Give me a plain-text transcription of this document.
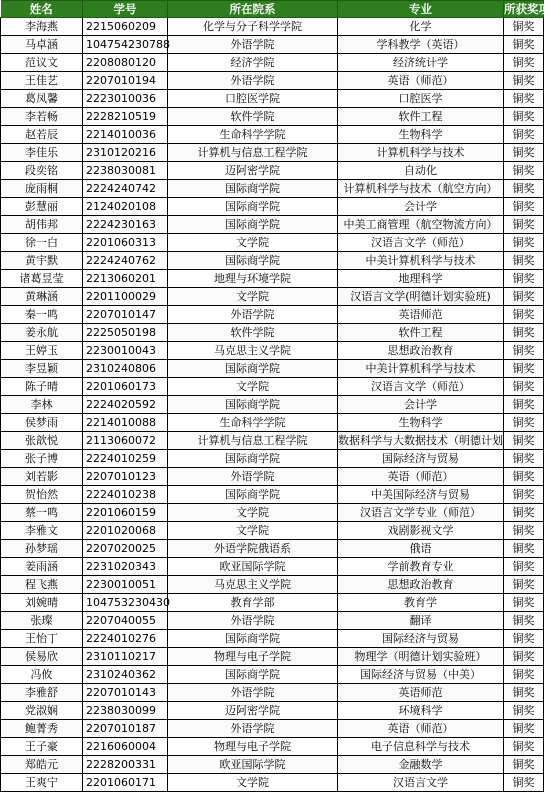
姓名	学号	所在院系	专业	所获奖项
李海燕	2215060209	化学与分子科学学院	化学	铜奖
马卓涵	104754230788	外语学院	学科教学（英语）	铜奖
范议文	2208080120	经济学院	经济统计学	铜奖
王佳艺	2207010194	外语学院	英语（师范）	铜奖
葛凤馨	2223010036	口腔医学院	口腔医学	铜奖
李若畅	2228210519	软件学院	软件工程	铜奖
赵若辰	2214010036	生命科学学院	生物科学	铜奖
李佳乐	2310120216	计算机与信息工程学院	计算机科学与技术	铜奖
段奕铭	2238030081	迈阿密学院	自动化	铜奖
庞雨桐	2224240742	国际商学院	计算机科学与技术（航空方向）	铜奖
彭慧丽	2124020108	国际商学院	会计学	铜奖
胡伟邦	2224230163	国际商学院	中美工商管理（航空物流方向）	铜奖
徐一白	2201060313	文学院	汉语言文学（师范）	铜奖
黄宇默	2224240762	国际商学院	中美计算机科学与技术	铜奖
诸葛昱莹	2213060201	地理与环境学院	地理科学	铜奖
黄琳涵	2201100029	文学院	汉语言文学(明德计划实验班)	铜奖
秦一鸣	2207010147	外语学院	英语师范	铜奖
姜永航	2225050198	软件学院	软件工程	铜奖
王婷玉	2230010043	马克思主义学院	思想政治教育	铜奖
李昱颖	2310240806	国际商学院	中美计算机科学与技术	铜奖
陈子晴	2201060173	文学院	汉语言文学（师范）	铜奖
李林	2224020592	国际商学院	会计学	铜奖
侯梦雨	2214010088	生命科学学院	生物科学	铜奖
张歆悦	2113060072	计算机与信息工程学院	数据科学与大数据技术（明德计划	铜奖
张子博	2224010259	国际商学院	国际经济与贸易	铜奖
刘若影	2207010123	外语学院	英语（师范）	铜奖
贺怡然	2224010238	国际商学院	中美国际经济与贸易	铜奖
蔡一鸣	2201060159	文学院	汉语言文学专业（师范）	铜奖
李雅文	2201020068	文学院	戏剧影视文学	铜奖
孙梦瑶	2207020025	外语学院俄语系	俄语	铜奖
姜雨涵	2231020343	欧亚国际学院	学前教育专业	铜奖
程飞燕	2230010051	马克思主义学院	思想政治教育	铜奖
刘婉晴	104753230430	教育学部	教育学	铜奖
张璨	2207040055	外语学院	翻译	铜奖
王怡丁	2224010276	国际商学院	国际经济与贸易	铜奖
侯易欣	2310110217	物理与电子学院	物理学（明德计划实验班）	铜奖
冯攸	2310240362	国际商学院	国际经济与贸易（中美）	铜奖
李雅舒	2207010143	外语学院	英语师范	铜奖
党淑娴	2238030099	迈阿密学院	环境科学	铜奖
鲍菁秀	2207010187	外语学院	英语（师范）	铜奖
王子豪	2216060004	物理与电子学院	电子信息科学与技术	铜奖
郑皓元	2228200331	欧亚国际学院	金融数学	铜奖
王爽宁	2201060171	文学院	汉语言文学	铜奖
